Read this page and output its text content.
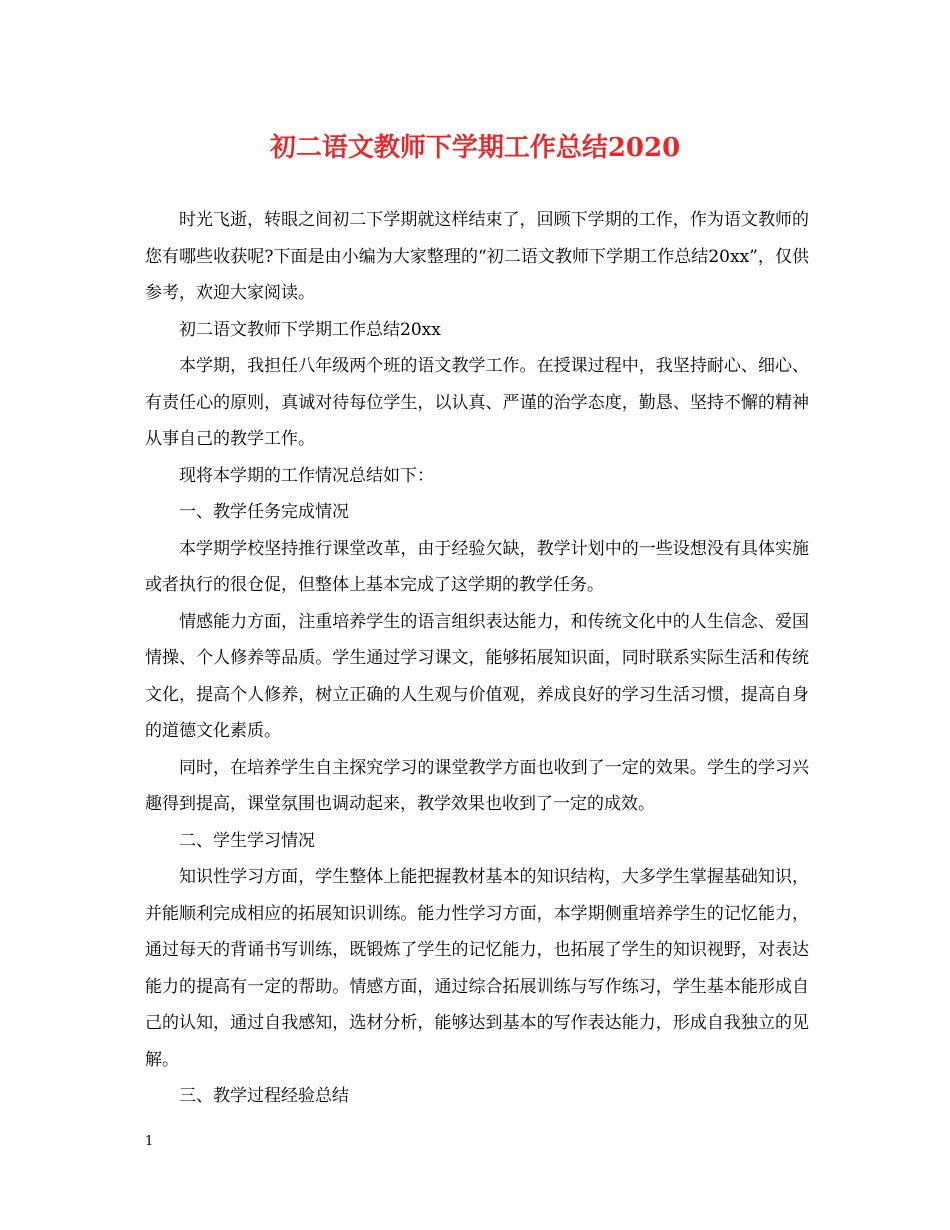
初二语文教师下学期工作总结2020

时光飞逝，转眼之间初二下学期就这样结束了，回顾下学期的工作，作为语文教师的您有哪些收获呢?下面是由小编为大家整理的“初二语文教师下学期工作总结20xx”，仅供参考，欢迎大家阅读。

初二语文教师下学期工作总结20xx

本学期，我担任八年级两个班的语文教学工作。在授课过程中，我坚持耐心、细心、有责任心的原则，真诚对待每位学生，以认真、严谨的治学态度，勤恳、坚持不懈的精神从事自己的教学工作。

现将本学期的工作情况总结如下：

一、教学任务完成情况

本学期学校坚持推行课堂改革，由于经验欠缺，教学计划中的一些设想没有具体实施或者执行的很仓促，但整体上基本完成了这学期的教学任务。

情感能力方面，注重培养学生的语言组织表达能力，和传统文化中的人生信念、爱国情操、个人修养等品质。学生通过学习课文，能够拓展知识面，同时联系实际生活和传统文化，提高个人修养，树立正确的人生观与价值观，养成良好的学习生活习惯，提高自身的道德文化素质。

同时，在培养学生自主探究学习的课堂教学方面也收到了一定的效果。学生的学习兴趣得到提高，课堂氛围也调动起来，教学效果也收到了一定的成效。

二、学生学习情况

知识性学习方面，学生整体上能把握教材基本的知识结构，大多学生掌握基础知识，并能顺利完成相应的拓展知识训练。能力性学习方面，本学期侧重培养学生的记忆能力，通过每天的背诵书写训练，既锻炼了学生的记忆能力，也拓展了学生的知识视野，对表达能力的提高有一定的帮助。情感方面，通过综合拓展训练与写作练习，学生基本能形成自己的认知，通过自我感知，选材分析，能够达到基本的写作表达能力，形成自我独立的见解。

三、教学过程经验总结

1
